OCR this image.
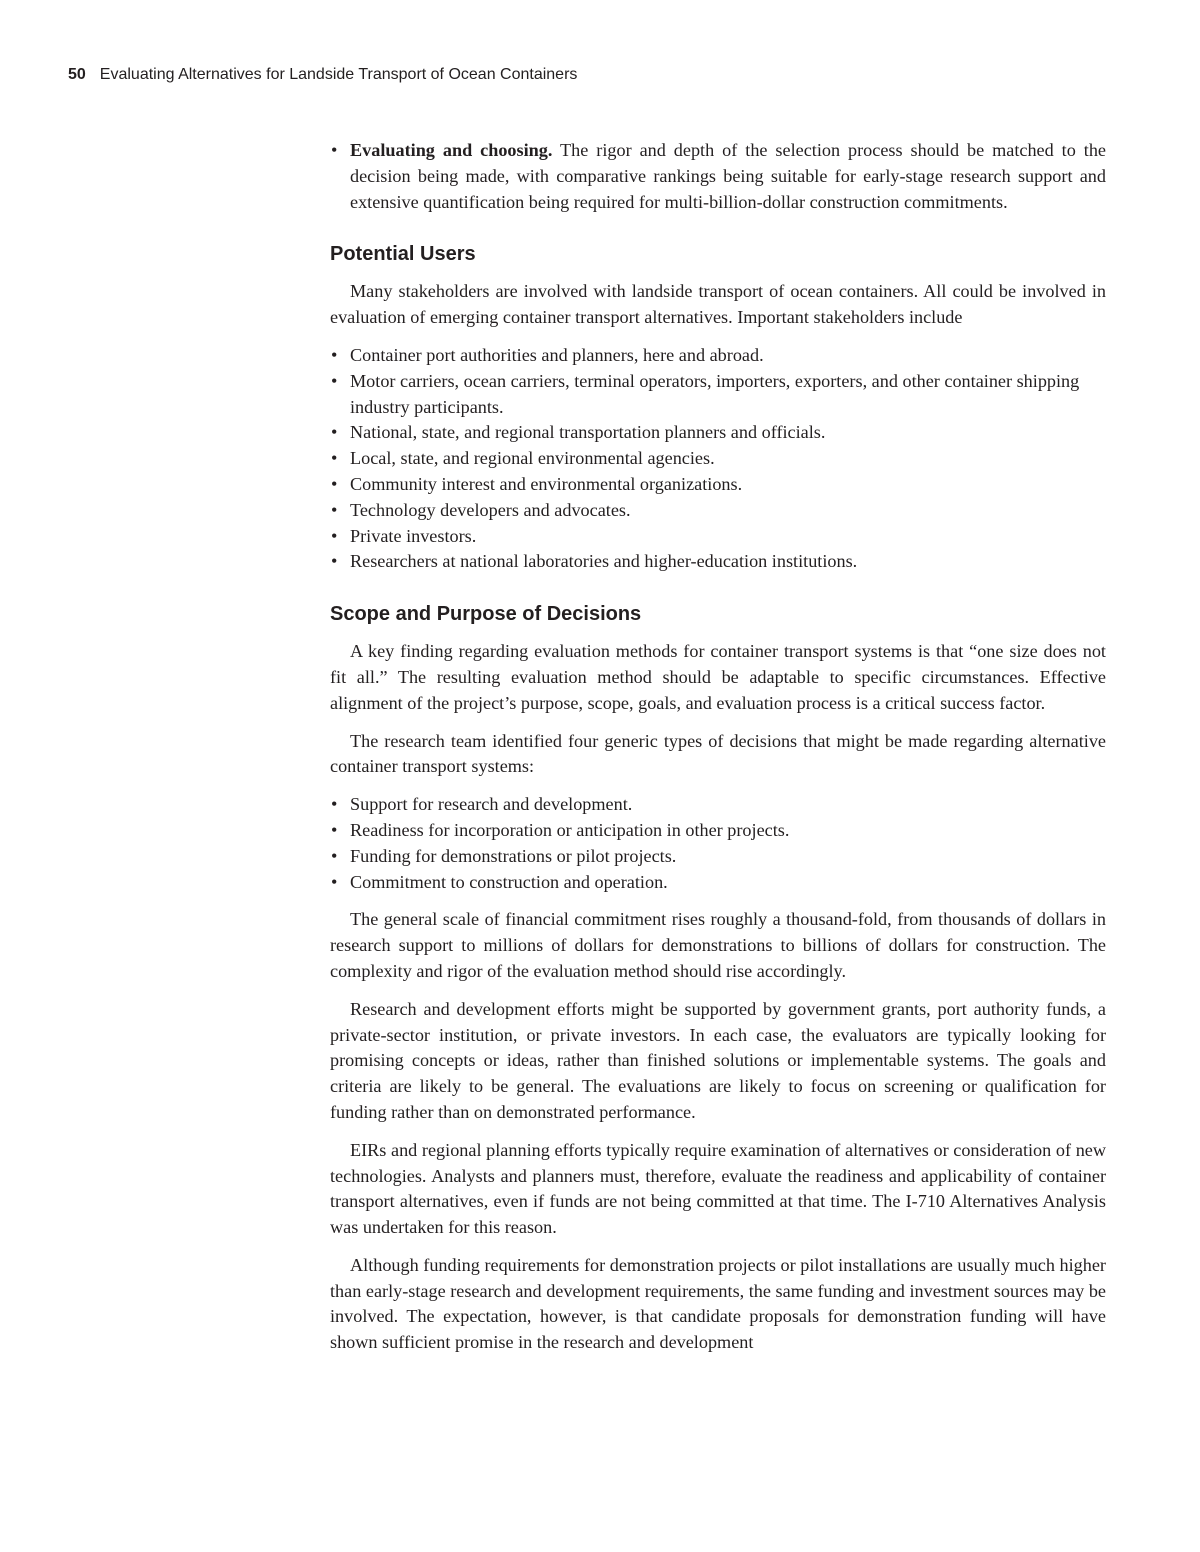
50 Evaluating Alternatives for Landside Transport of Ocean Containers
• Evaluating and choosing. The rigor and depth of the selection process should be matched to the decision being made, with comparative rankings being suitable for early-stage research support and extensive quantification being required for multi-billion-dollar construction commitments.
Potential Users

Many stakeholders are involved with landside transport of ocean containers. All could be involved in evaluation of emerging container transport alternatives. Important stakeholders include

• Container port authorities and planners, here and abroad.
• Motor carriers, ocean carriers, terminal operators, importers, exporters, and other container shipping industry participants.
• National, state, and regional transportation planners and officials.
• Local, state, and regional environmental agencies.
• Community interest and environmental organizations.
• Technology developers and advocates.
• Private investors.
• Researchers at national laboratories and higher-education institutions.
Scope and Purpose of Decisions

A key finding regarding evaluation methods for container transport systems is that “one size does not fit all.” The resulting evaluation method should be adaptable to specific circumstances. Effective alignment of the project’s purpose, scope, goals, and evaluation process is a critical success factor.

The research team identified four generic types of decisions that might be made regarding alternative container transport systems:

• Support for research and development.
• Readiness for incorporation or anticipation in other projects.
• Funding for demonstrations or pilot projects.
• Commitment to construction and operation.

The general scale of financial commitment rises roughly a thousand-fold, from thousands of dollars in research support to millions of dollars for demonstrations to billions of dollars for construction. The complexity and rigor of the evaluation method should rise accordingly.

Research and development efforts might be supported by government grants, port authority funds, a private-sector institution, or private investors. In each case, the evaluators are typically looking for promising concepts or ideas, rather than finished solutions or implementable systems. The goals and criteria are likely to be general. The evaluations are likely to focus on screening or qualification for funding rather than on demonstrated performance.

EIRs and regional planning efforts typically require examination of alternatives or consideration of new technologies. Analysts and planners must, therefore, evaluate the readiness and applicability of container transport alternatives, even if funds are not being committed at that time. The I-710 Alternatives Analysis was undertaken for this reason.

Although funding requirements for demonstration projects or pilot installations are usually much higher than early-stage research and development requirements, the same funding and investment sources may be involved. The expectation, however, is that candidate proposals for demonstration funding will have shown sufficient promise in the research and development
